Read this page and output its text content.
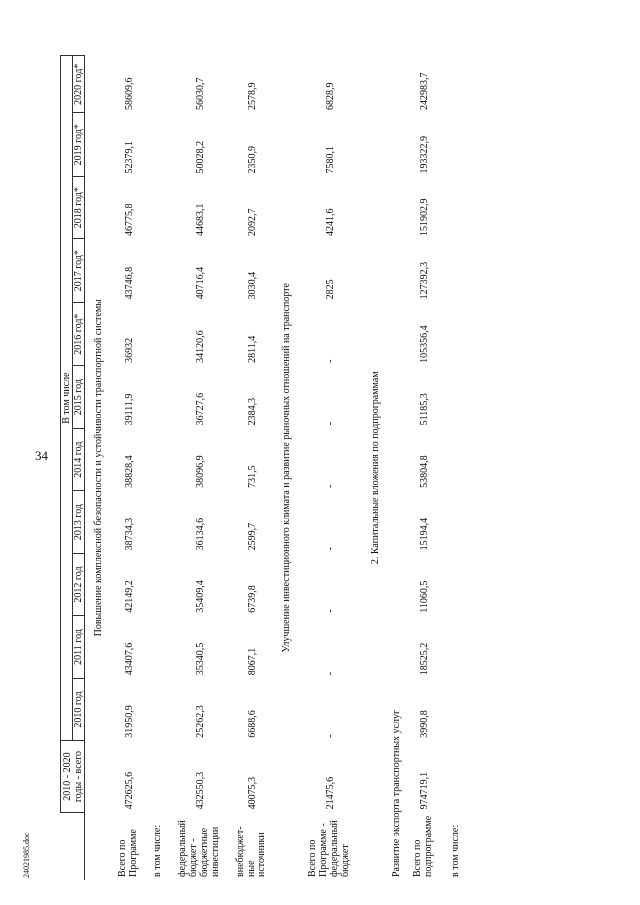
34
24021985.doc
	2010 - 2020 годы - всего	В том числе										
		2010 год	2011 год	2012 год	2013 год	2014 год	2015 год	2016 год*	2017 год*	2018 год*	2019 год*	2020 год*
Повышение комплексной безопасности и устойчивости транспортной системы												
Всего по Программе	472625,6	31950,9	43407,6	42149,2	38734,3	38828,4	39111,9	36932	43746,8	46775,8	52379,1	58609,6
в том числе:												
федеральный бюджет - бюджетные инвестиции	432550,3	25262,3	35340,5	35409,4	36134,6	38096,9	36727,6	34120,6	40716,4	44683,1	50028,2	56030,7
внебюджет-ные источники	40075,3	6688,6	8067,1	6739,8	2599,7	731,5	2384,3	2811,4	3030,4	2092,7	2350,9	2578,9
Улучшение инвестиционного климата и развитие рыночных отношений на транспорте												
Всего по Программе - федеральный бюджет	21475,6	-	-	-	-	-	-	-	2825	4241,6	7580,1	6828,9
2. Капитальные вложения по подпрограммам												
Развитие экспорта транспортных услуг												
Всего по подпрограмме	974719,1	3990,8	18525,2	11060,5	15194,4	53804,8	51185,3	105356,4	127392,3	151902,9	193322,9	242983,7
в том числе:												
